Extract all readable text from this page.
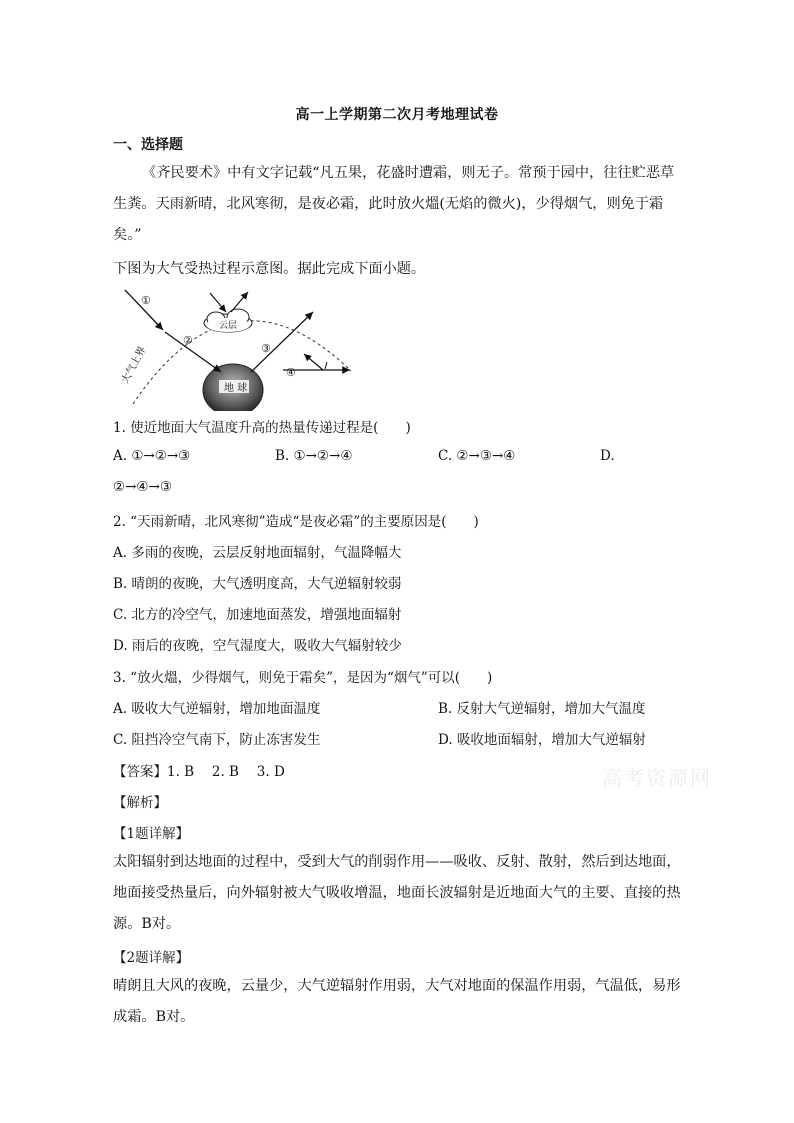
高一上学期第二次月考地理试卷
一、选择题
《齐民要术》中有文字记载“凡五果，花盛时遭霜，则无子。常预于园中，往往贮恶草
生粪。天雨新晴，北风寒彻，是夜必霜，此时放火熅(无焰的微火)，少得烟气，则免于霜
矣。”
下图为大气受热过程示意图。据此完成下面小题。
地 球
云层
①
②
③
④
大气上界
1. 使近地面大气温度升高的热量传递过程是(　　)
A. ①→②→③	B. ①→②→④	C. ②→③→④	D.
②→④→③
2. “天雨新晴，北风寒彻”造成“是夜必霜”的主要原因是(　　)
A. 多雨的夜晚，云层反射地面辐射，气温降幅大
B. 晴朗的夜晚，大气透明度高，大气逆辐射较弱
C. 北方的冷空气，加速地面蒸发，增强地面辐射
D. 雨后的夜晚，空气湿度大，吸收大气辐射较少
3. “放火熅，少得烟气，则免于霜矣”，是因为“烟气”可以(　　)
A. 吸收大气逆辐射，增加地面温度	B. 反射大气逆辐射，增加大气温度
C. 阻挡冷空气南下，防止冻害发生	D. 吸收地面辐射，增加大气逆辐射
【答案】1. B　 2. B　 3. D	高考资源网
【解析】
【1题详解】
太阳辐射到达地面的过程中，受到大气的削弱作用——吸收、反射、散射，然后到达地面，地面接受热量后，向外辐射被大气吸收增温，地面长波辐射是近地面大气的主要、直接的热源。B对。
【2题详解】
晴朗且大风的夜晚，云量少，大气逆辐射作用弱，大气对地面的保温作用弱，气温低，易形成霜。B对。
